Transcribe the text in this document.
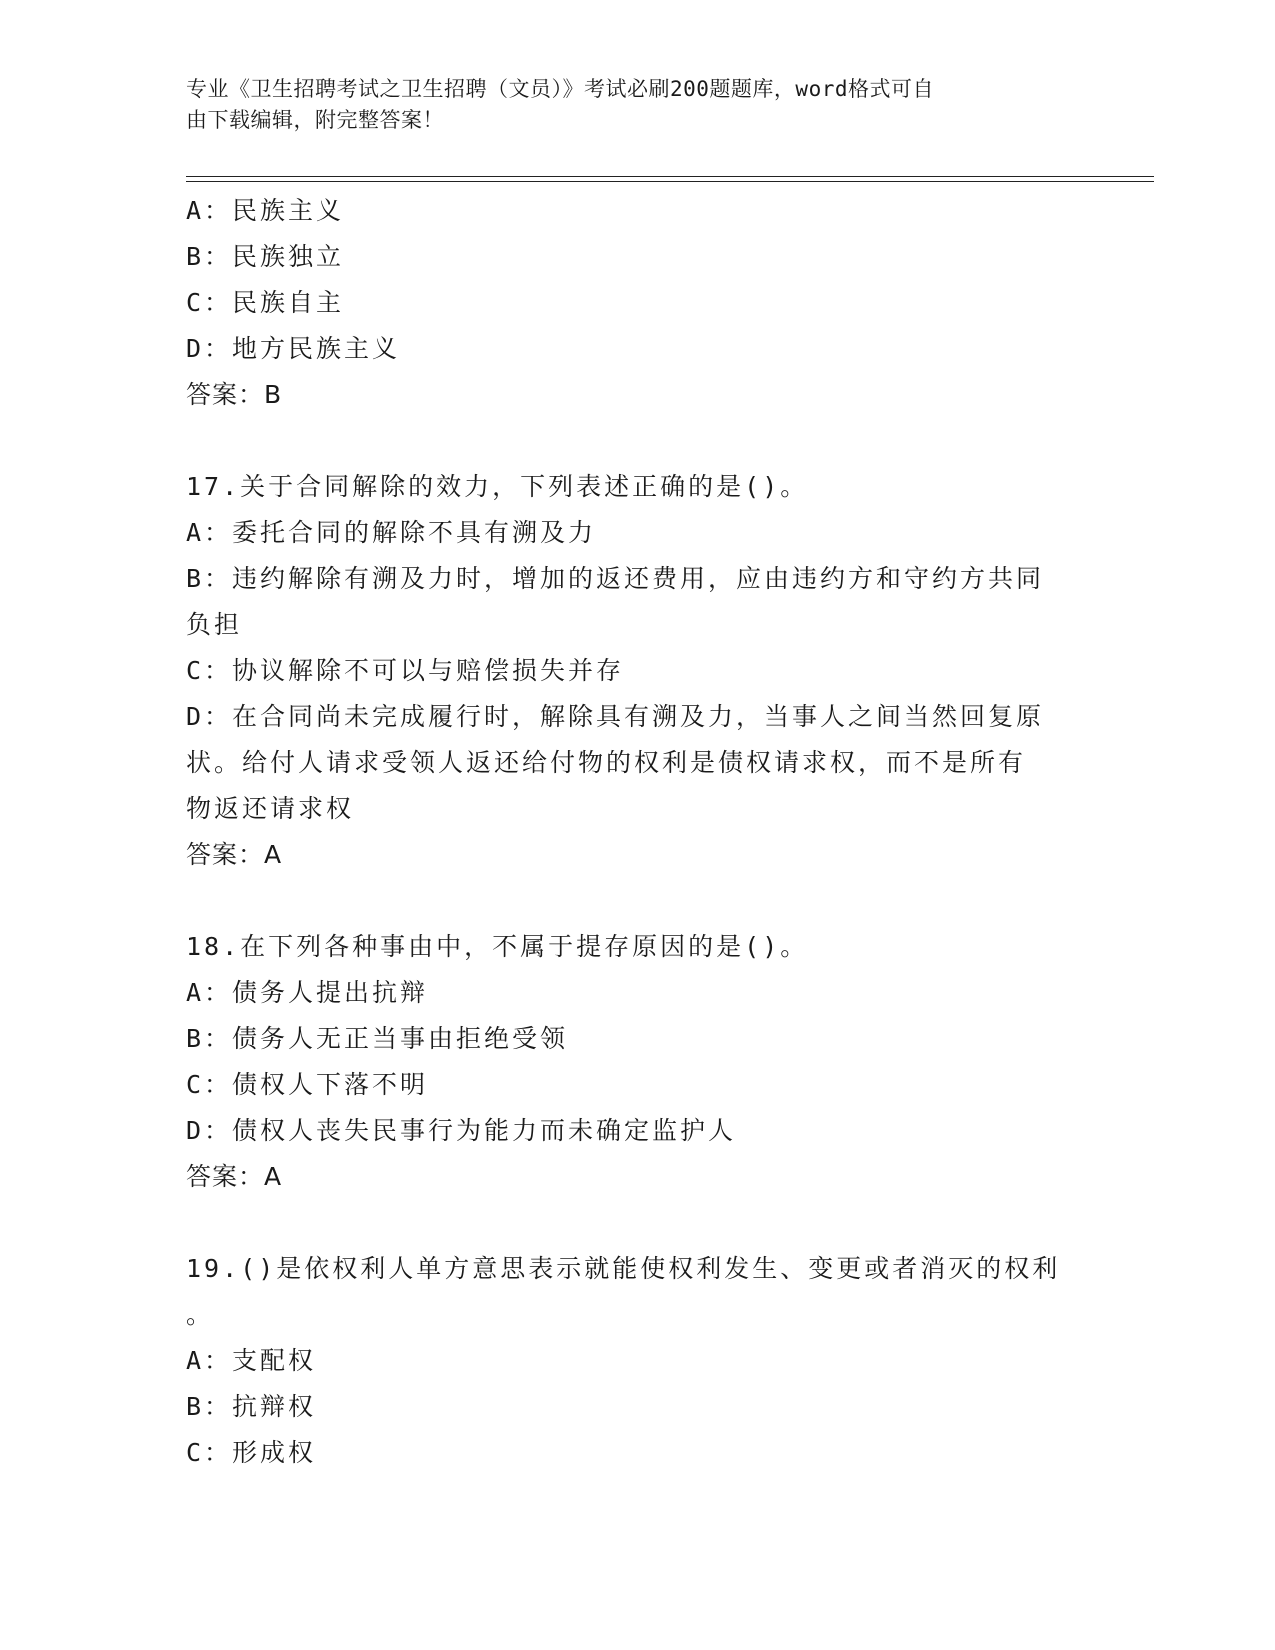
专业《卫生招聘考试之卫生招聘（文员）》考试必刷200题题库，word格式可自
由下载编辑，附完整答案！
A：民族主义
B：民族独立
C：民族自主
D：地方民族主义
答案：B
17.关于合同解除的效力，下列表述正确的是()。
A：委托合同的解除不具有溯及力
B：违约解除有溯及力时，增加的返还费用，应由违约方和守约方共同
负担
C：协议解除不可以与赔偿损失并存
D：在合同尚未完成履行时，解除具有溯及力，当事人之间当然回复原
状。给付人请求受领人返还给付物的权利是债权请求权，而不是所有
物返还请求权
答案：A
18.在下列各种事由中，不属于提存原因的是()。
A：债务人提出抗辩
B：债务人无正当事由拒绝受领
C：债权人下落不明
D：债权人丧失民事行为能力而未确定监护人
答案：A
19.()是依权利人单方意思表示就能使权利发生、变更或者消灭的权利
。
A：支配权
B：抗辩权
C：形成权
